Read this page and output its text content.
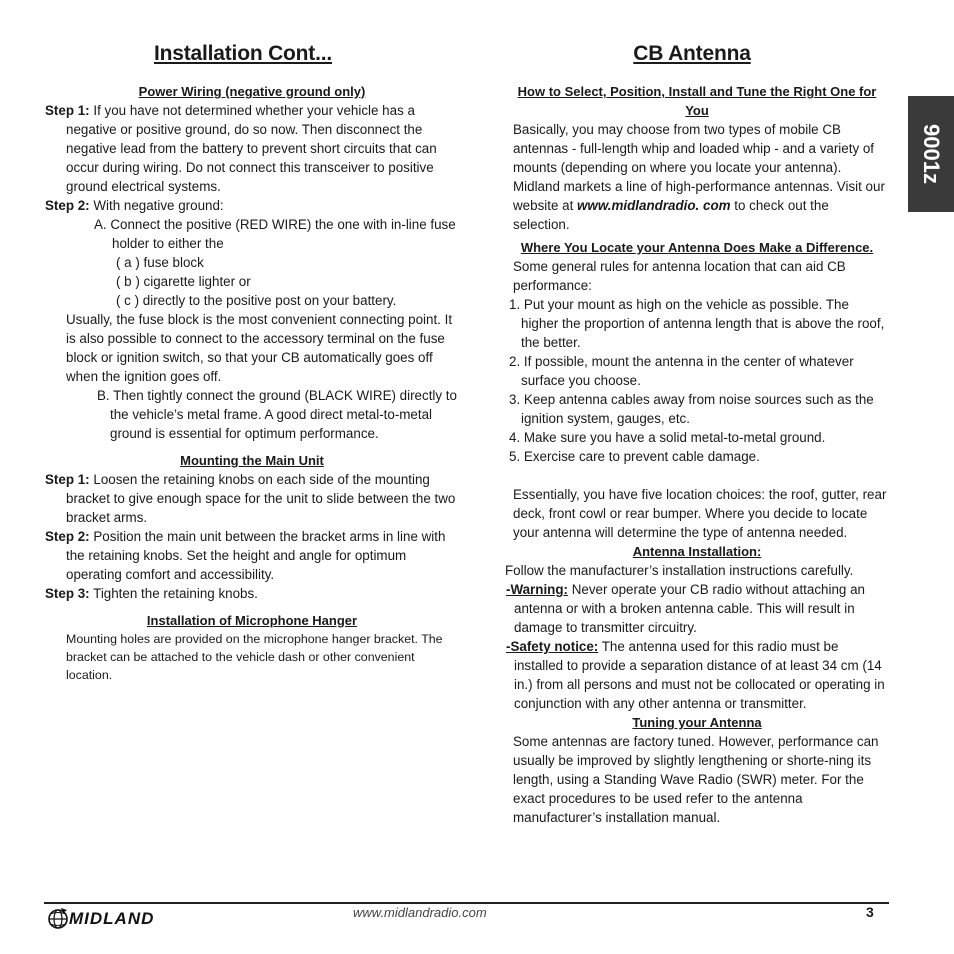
Installation Cont...

Power Wiring (negative ground only)

Step 1: If you have not determined whether your vehicle has a negative or positive ground, do so now. Then disconnect the negative lead from the battery to prevent short circuits that can occur during wiring. Do not connect this transceiver to positive ground electrical systems.

Step 2: With negative ground:

A. Connect the positive (RED WIRE) the one with in-line fuse holder to either the

( a ) fuse block

( b ) cigarette lighter or

( c ) directly to the positive post on your battery.

Usually, the fuse block is the most convenient connecting point. It is also possible to connect to the accessory terminal on the fuse block or ignition switch, so that your CB automatically goes off when the ignition goes off.

B. Then tightly connect the ground (BLACK WIRE) directly to the vehicle’s metal frame. A good direct metal-to-metal ground is essential for optimum performance.

Mounting the Main Unit

Step 1: Loosen the retaining knobs on each side of the mounting bracket to give enough space for the unit to slide between the two bracket arms.

Step 2: Position the main unit between the bracket arms in line with the retaining knobs. Set the height and angle for optimum operating comfort and accessibility.

Step 3: Tighten the retaining knobs.

Installation of Microphone Hanger

Mounting holes are provided on the microphone hanger bracket. The bracket can be attached to the vehicle dash or other convenient location.

CB Antenna

How to Select, Position, Install and Tune the Right One for You

Basically, you may choose from two types of mobile CB antennas - full-length whip and loaded whip - and a variety of mounts (depending on where you locate your antenna). Midland markets a line of high-performance antennas. Visit our website at www.midlandradio. com to check out the selection.

Where You Locate your Antenna Does Make a Difference.

Some general rules for antenna location that can aid CB performance:

1. Put your mount as high on the vehicle as possible. The higher the proportion of antenna length that is above the roof, the better.

2. If possible, mount the antenna in the center of whatever surface you choose.

3. Keep antenna cables away from noise sources such as the ignition system, gauges, etc.

4. Make sure you have a solid metal-to-metal ground.

5. Exercise care to prevent cable damage.

Essentially, you have five location choices: the roof, gutter, rear deck, front cowl or rear bumper. Where you decide to locate your antenna will determine the type of antenna needed.

Antenna Installation:

Follow the manufacturer’s installation instructions carefully.

-Warning: Never operate your CB radio without attaching an antenna or with a broken antenna cable. This will result in damage to transmitter circuitry.

-Safety notice: The antenna used for this radio must be installed to provide a separation distance of at least 34 cm (14 in.) from all persons and must not be collocated or operating in conjunction with any other antenna or transmitter.

Tuning your Antenna

Some antennas are factory tuned. However, performance can usually be improved by slightly lengthening or shorte-ning its length, using a Standing Wave Radio (SWR) meter. For the exact procedures to be used refer to the antenna manufacturer’s installation manual.

9001z
MIDLAND	www.midlandradio.com	3
